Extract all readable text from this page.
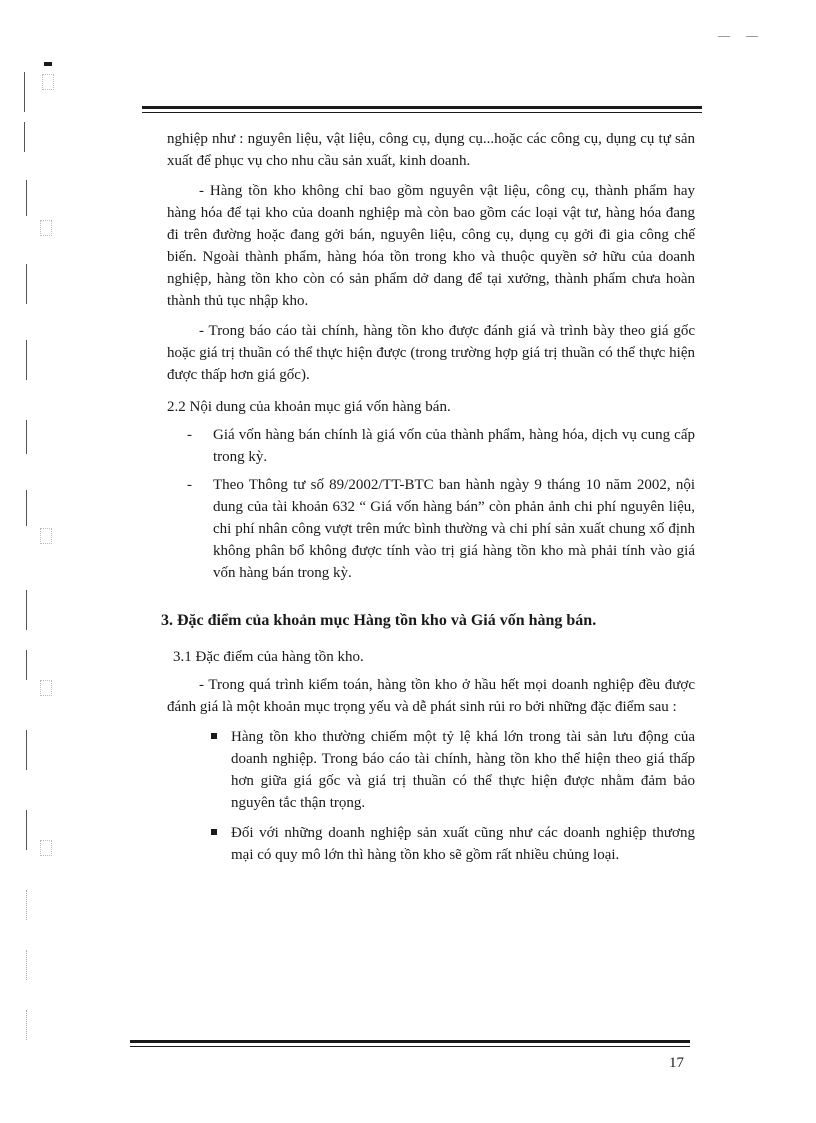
nghiệp như : nguyên liệu, vật liệu, công cụ, dụng cụ...hoặc các công cụ, dụng cụ tự sản xuất để phục vụ cho nhu cầu sản xuất, kinh doanh.

- Hàng tồn kho không chỉ bao gồm nguyên vật liệu, công cụ, thành phẩm hay hàng hóa để tại kho của doanh nghiệp mà còn bao gồm các loại vật tư, hàng hóa đang đi trên đường hoặc đang gởi bán, nguyên liệu, công cụ, dụng cụ gởi đi gia công chế biến. Ngoài thành phẩm, hàng hóa tồn trong kho và thuộc quyền sở hữu của doanh nghiệp, hàng tồn kho còn có sản phẩm dở dang để tại xưởng, thành phẩm chưa hoàn thành thủ tục nhập kho.

- Trong báo cáo tài chính, hàng tồn kho được đánh giá và trình bày theo giá gốc hoặc giá trị thuần có thể thực hiện được (trong trường hợp giá trị thuần có thể thực hiện được thấp hơn giá gốc).

2.2 Nội dung của khoản mục giá vốn hàng bán.

- Giá vốn hàng bán chính là giá vốn của thành phẩm, hàng hóa, dịch vụ cung cấp trong kỳ.
- Theo Thông tư số 89/2002/TT-BTC ban hành ngày 9 tháng 10 năm 2002, nội dung của tài khoản 632 “ Giá vốn hàng bán” còn phản ảnh chi phí nguyên liệu, chi phí nhân công vượt trên mức bình thường và chi phí sản xuất chung xố định không phân bổ không được tính vào trị giá hàng tồn kho mà phải tính vào giá vốn hàng bán trong kỳ.

3. Đặc điểm của khoản mục Hàng tồn kho và Giá vốn hàng bán.

3.1 Đặc điểm của hàng tồn kho.

- Trong quá trình kiểm toán, hàng tồn kho ở hầu hết mọi doanh nghiệp đều được đánh giá là một khoản mục trọng yếu và dễ phát sinh rủi ro bởi những đặc điểm sau :

Hàng tồn kho thường chiếm một tỷ lệ khá lớn trong tài sản lưu động của doanh nghiệp. Trong báo cáo tài chính, hàng tồn kho thể hiện theo giá thấp hơn giữa giá gốc và giá trị thuần có thể thực hiện được nhằm đảm bảo nguyên tắc thận trọng.
Đối với những doanh nghiệp sản xuất cũng như các doanh nghiệp thương mại có quy mô lớn thì hàng tồn kho sẽ gồm rất nhiều chủng loại.
17
